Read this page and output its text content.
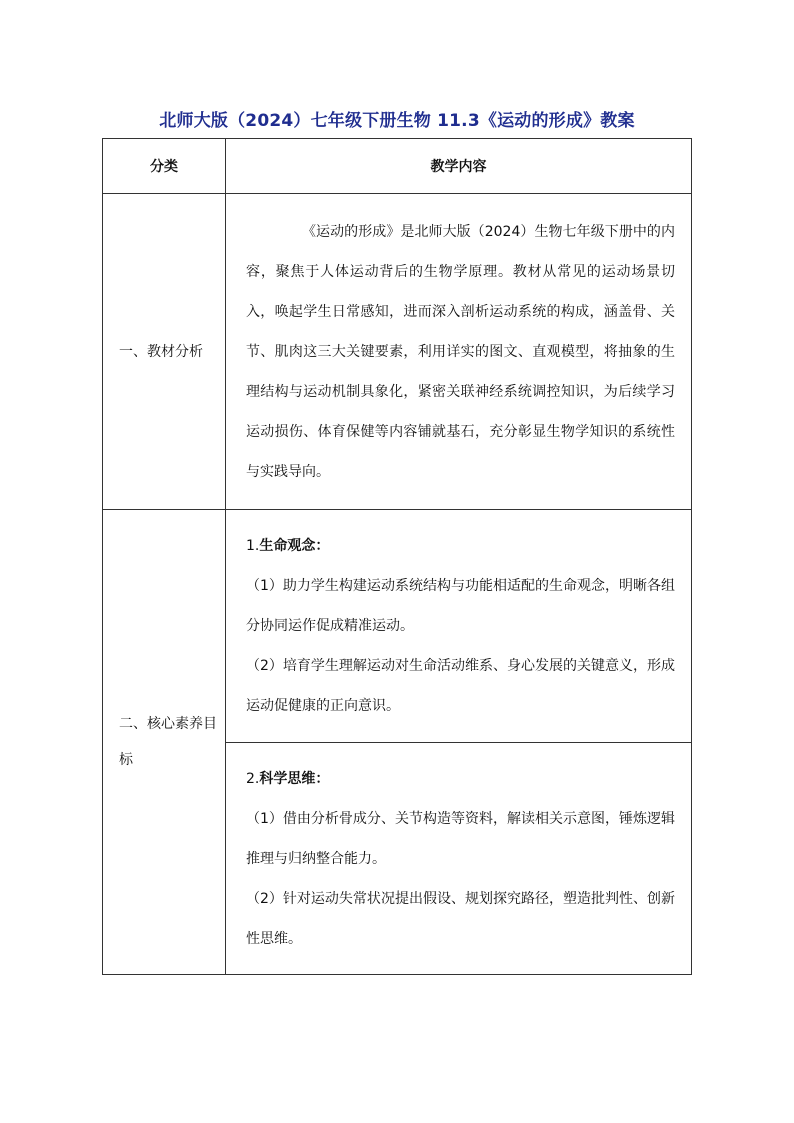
北师大版（2024）七年级下册生物 11.3《运动的形成》教案
分类	教学内容
一、教材分析	《运动的形成》是北师大版（2024）生物七年级下册中的内容，聚焦于人体运动背后的生物学原理。教材从常见的运动场景切入，唤起学生日常感知，进而深入剖析运动系统的构成，涵盖骨、关节、肌肉这三大关键要素，利用详实的图文、直观模型，将抽象的生理结构与运动机制具象化，紧密关联神经系统调控知识，为后续学习运动损伤、体育保健等内容铺就基石，充分彰显生物学知识的系统性与实践导向。

二、核心素养目标	1.生命观念：

（1）助力学生构建运动系统结构与功能相适配的生命观念，明晰各组分协同运作促成精准运动。

（2）培育学生理解运动对生命活动维系、身心发展的关键意义，形成运动促健康的正向意识。

	2.科学思维：

（1）借由分析骨成分、关节构造等资料，解读相关示意图，锤炼逻辑推理与归纳整合能力。

（2）针对运动失常状况提出假设、规划探究路径，塑造批判性、创新性思维。
